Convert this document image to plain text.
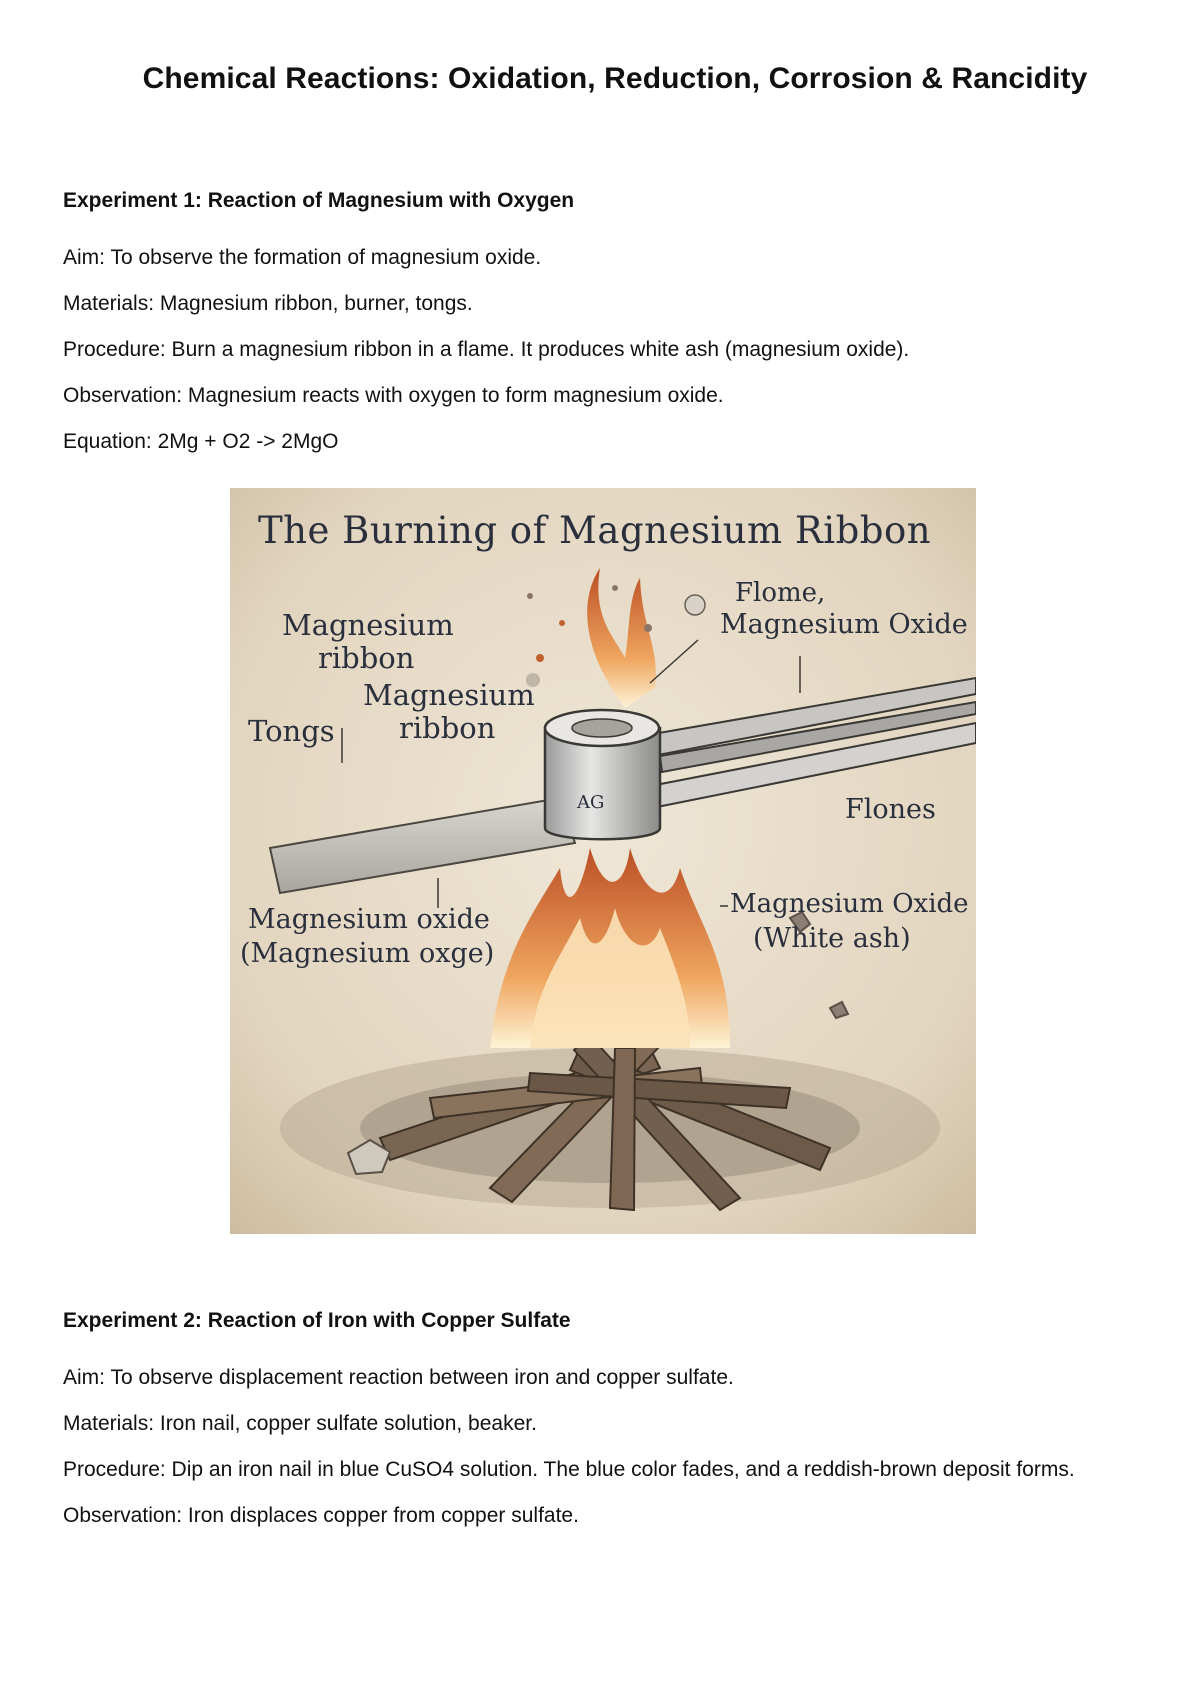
Chemical Reactions: Oxidation, Reduction, Corrosion & Rancidity

Experiment 1: Reaction of Magnesium with Oxygen

Aim: To observe the formation of magnesium oxide.

Materials: Magnesium ribbon, burner, tongs.

Procedure: Burn a magnesium ribbon in a flame. It produces white ash (magnesium oxide).

Observation: Magnesium reacts with oxygen to form magnesium oxide.

Equation: 2Mg + O2 -> 2MgO

AG
The Burning of Magnesium Ribbon
Magnesium
ribbon
Magnesium
ribbon
Tongs
Flome,
Magnesium Oxide
Flones
Magnesium oxide
(Magnesium oxge)
Magnesium Oxide
(White ash)

Experiment 2: Reaction of Iron with Copper Sulfate

Aim: To observe displacement reaction between iron and copper sulfate.

Materials: Iron nail, copper sulfate solution, beaker.

Procedure: Dip an iron nail in blue CuSO4 solution. The blue color fades, and a reddish-brown deposit forms.

Observation: Iron displaces copper from copper sulfate.
